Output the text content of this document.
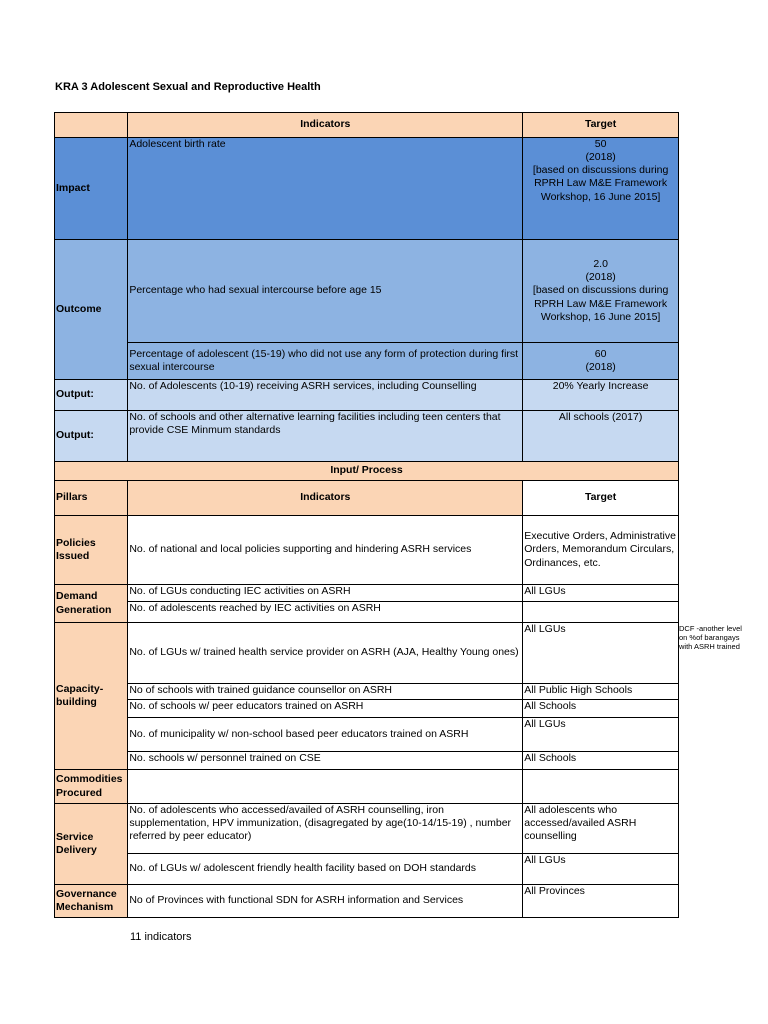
KRA 3 Adolescent Sexual and Reproductive Health
	Indicators	Target
Impact	Adolescent birth rate	50
(2018)
[based on discussions during RPRH Law M&E Framework Workshop, 16 June 2015]
Outcome	Percentage who had sexual intercourse before age 15	2.0
(2018)
[based on discussions during RPRH Law M&E Framework Workshop, 16 June 2015]
	Percentage of adolescent (15-19) who did not use any form of protection during first sexual intercourse	60
(2018)
Output:	No. of Adolescents (10-19) receiving ASRH services, including Counselling	20% Yearly Increase
Output:	No. of schools and other alternative learning facilities including teen centers that provide CSE Minmum standards	All schools (2017)
Input/ Process		
Pillars	Indicators	Target
Policies Issued	No. of national and local policies supporting and hindering ASRH services	Executive Orders, Administrative Orders, Memorandum Circulars, Ordinances, etc.
Demand Generation	No. of LGUs conducting IEC activities on ASRH	All LGUs
	No. of adolescents reached by IEC activities on ASRH	
Capacity-building	No. of LGUs w/ trained health service provider on ASRH (AJA, Healthy Young ones)	All LGUs
	No of schools with trained guidance counsellor on ASRH	All Public High Schools
	No. of schools w/ peer educators trained on ASRH	All Schools
	No. of municipality w/ non-school based peer educators trained on ASRH	All LGUs
	No. schools w/ personnel trained on CSE	All Schools
Commodities Procured		
Service Delivery	No. of adolescents who accessed/availed of ASRH counselling, iron supplementation, HPV immunization, (disagregated by age(10-14/15-19) , number referred by peer educator)	All adolescents who accessed/availed ASRH counselling
	No. of LGUs w/ adolescent friendly health facility based on DOH standards	All LGUs
Governance Mechanism	No of Provinces with functional SDN for ASRH information and Services	All Provinces
DCF -another level on %of barangays with ASRH trained
11 indicators
